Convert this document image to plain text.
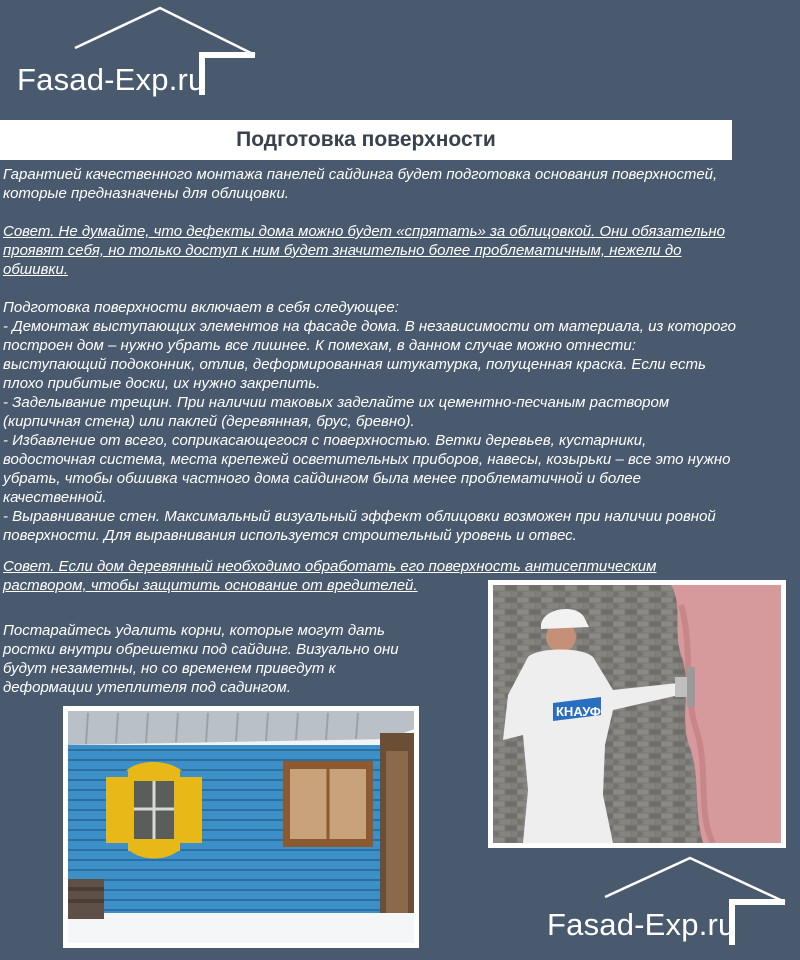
Fasad-Exp.ru
Подготовка поверхности
Гарантией качественного монтажа панелей сайдинга будет подготовка основания поверхностей,
которые предназначены для облицовки.
Совет. Не думайте, что дефекты дома можно будет «спрятать» за облицовкой. Они обязательно
проявят себя, но только доступ к ним будет значительно более проблематичным, нежели до
обшивки.
Подготовка поверхности включает в себя следующее:
- Демонтаж выступающих элементов на фасаде дома. В независимости от материала, из которого
построен дом – нужно убрать все лишнее. К помехам, в данном случае можно отнести:
выступающий подоконник, отлив, деформированная штукатурка, полущенная краска. Если есть
плохо прибитые доски, их нужно закрепить.
- Заделывание трещин. При наличии таковых заделайте их цементно-песчаным раствором
(кирпичная стена) или паклей (деревянная, брус, бревно).
- Избавление от всего, соприкасающегося с поверхностью. Ветки деревьев, кустарники,
водосточная система, места крепежей осветительных приборов, навесы, козырьки – все это нужно
убрать, чтобы обшивка частного дома сайдингом была менее проблематичной и более
качественной.
- Выравнивание стен. Максимальный визуальный эффект облицовки возможен при наличии ровной
поверхности. Для выравнивания используется строительный уровень и отвес.
Совет. Если дом деревянный необходимо обработать его поверхность антисептическим
раствором, чтобы защитить основание от вредителей.
Постарайтесь удалить корни, которые могут дать
ростки внутри обрешетки под сайдинг. Визуально они
будут незаметны, но со временем приведут к
деформации утеплителя под садингом.
КНАУФ
Fasad-Exp.ru
